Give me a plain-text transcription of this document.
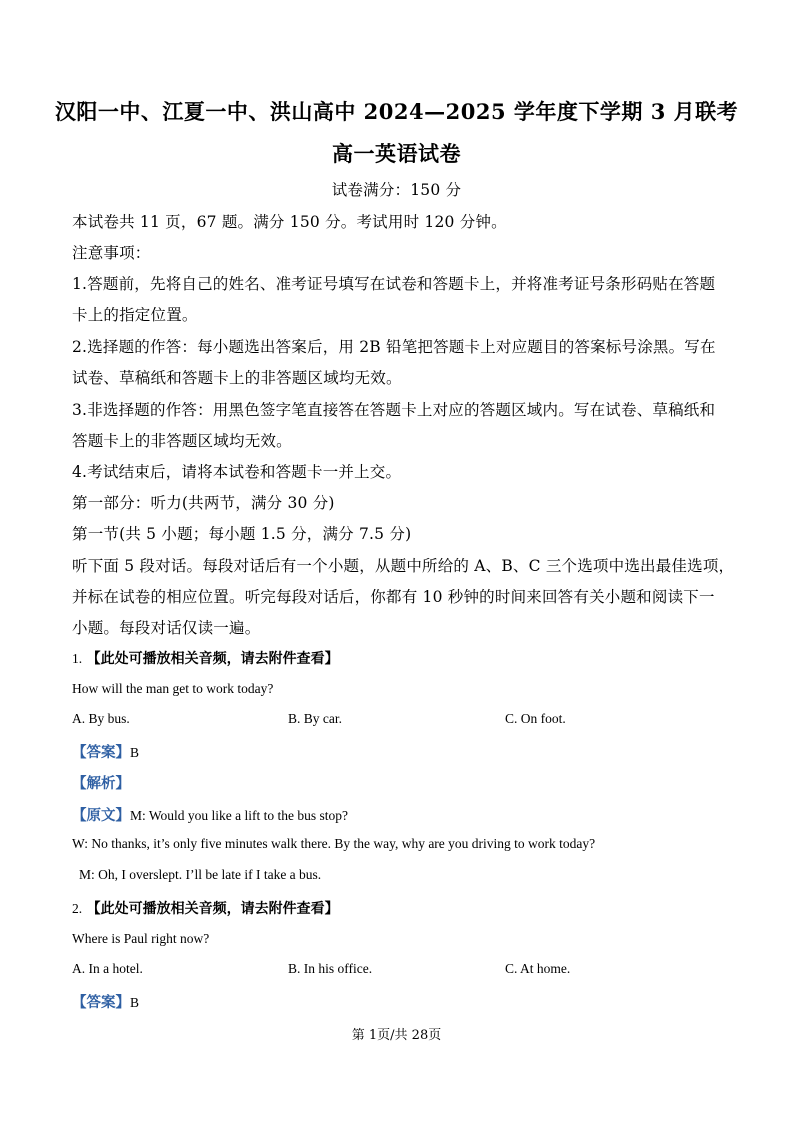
汉阳一中、江夏一中、洪山高中 2024—2025 学年度下学期 3 月联考
高一英语试卷
试卷满分：150 分
本试卷共 11 页，67 题。满分 150 分。考试用时 120 分钟。
注意事项：
1.答题前，先将自己的姓名、准考证号填写在试卷和答题卡上，并将准考证号条形码贴在答题
卡上的指定位置。
2.选择题的作答：每小题选出答案后，用 2B 铅笔把答题卡上对应题目的答案标号涂黑。写在
试卷、草稿纸和答题卡上的非答题区域均无效。
3.非选择题的作答：用黑色签字笔直接答在答题卡上对应的答题区域内。写在试卷、草稿纸和
答题卡上的非答题区域均无效。
4.考试结束后，请将本试卷和答题卡一并上交。
第一部分：听力(共两节，满分 30 分)
第一节(共 5 小题；每小题 1.5 分，满分 7.5 分)
听下面 5 段对话。每段对话后有一个小题，从题中所给的 A、B、C 三个选项中选出最佳选项，
并标在试卷的相应位置。听完每段对话后，你都有 10 秒钟的时间来回答有关小题和阅读下一
小题。每段对话仅读一遍。
1. 【此处可播放相关音频，请去附件查看】
How will the man get to work today?
A. By bus.	B. By car.	C. On foot.
【答案】B
【解析】
【原文】M: Would you like a lift to the bus stop?
W: No thanks, it’s only five minutes walk there. By the way, why are you driving to work today?
M: Oh, I overslept. I’ll be late if I take a bus.
2. 【此处可播放相关音频，请去附件查看】
Where is Paul right now?
A. In a hotel.	B. In his office.	C. At home.
【答案】B
第 1页/共 28页
